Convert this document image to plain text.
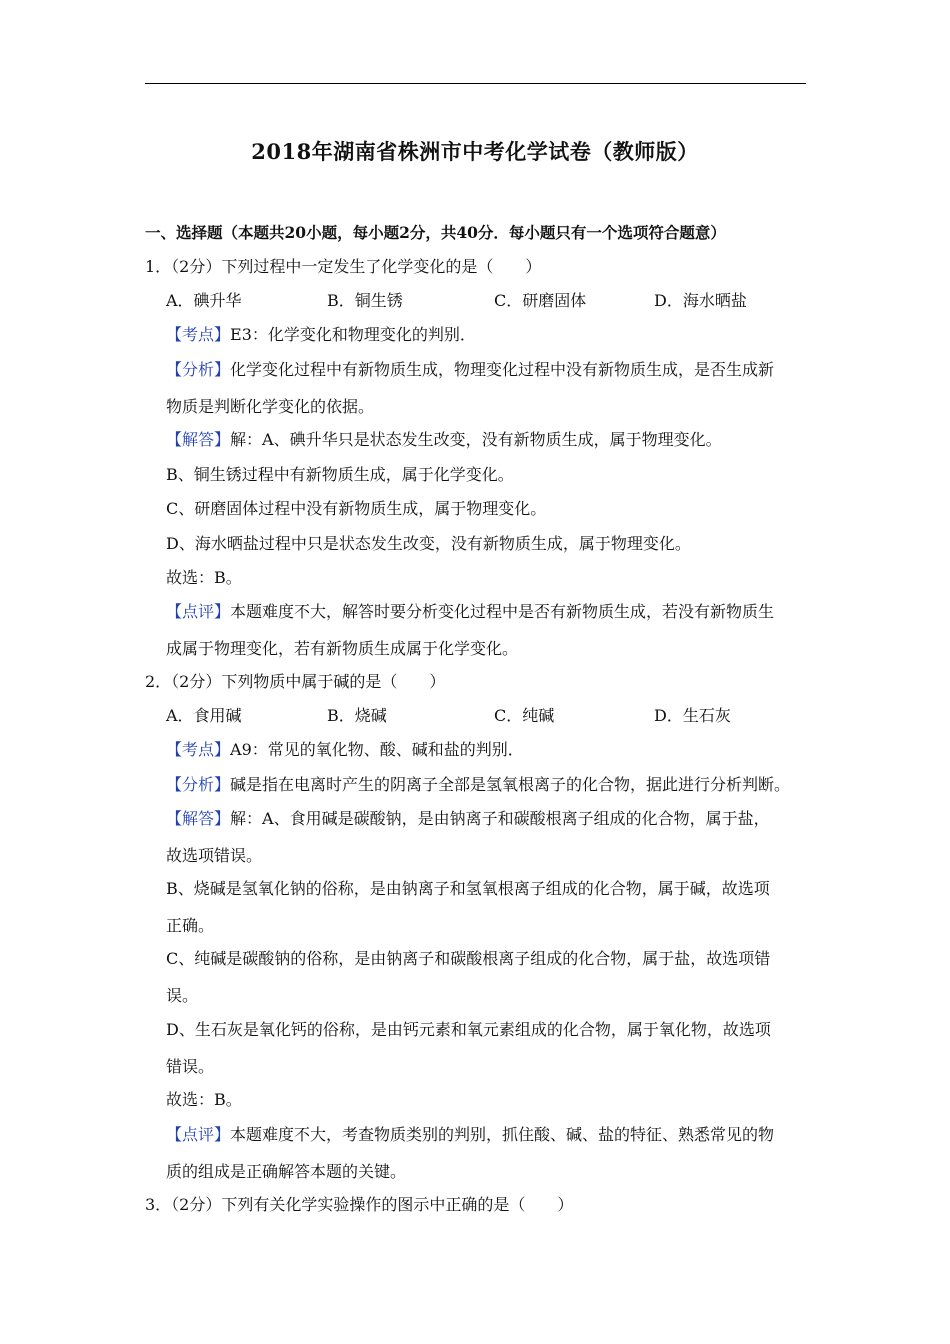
2018年湖南省株洲市中考化学试卷（教师版）
一、选择题（本题共20小题，每小题2分，共40分．每小题只有一个选项符合题意）
1．（2分）下列过程中一定发生了化学变化的是（　　）
A．碘升华	B．铜生锈	C．研磨固体	D．海水晒盐
【考点】E3：化学变化和物理变化的判别．
【分析】化学变化过程中有新物质生成，物理变化过程中没有新物质生成，是否生成新
物质是判断化学变化的依据。
【解答】解：A、碘升华只是状态发生改变，没有新物质生成，属于物理变化。
B、铜生锈过程中有新物质生成，属于化学变化。
C、研磨固体过程中没有新物质生成，属于物理变化。
D、海水晒盐过程中只是状态发生改变，没有新物质生成，属于物理变化。
故选：B。
【点评】本题难度不大，解答时要分析变化过程中是否有新物质生成，若没有新物质生
成属于物理变化，若有新物质生成属于化学变化。
2．（2分）下列物质中属于碱的是（　　）
A．食用碱	B．烧碱	C．纯碱	D．生石灰
【考点】A9：常见的氧化物、酸、碱和盐的判别．
【分析】碱是指在电离时产生的阴离子全部是氢氧根离子的化合物，据此进行分析判断。
【解答】解：A、食用碱是碳酸钠，是由钠离子和碳酸根离子组成的化合物，属于盐，
故选项错误。
B、烧碱是氢氧化钠的俗称，是由钠离子和氢氧根离子组成的化合物，属于碱，故选项
正确。
C、纯碱是碳酸钠的俗称，是由钠离子和碳酸根离子组成的化合物，属于盐，故选项错
误。
D、生石灰是氧化钙的俗称，是由钙元素和氧元素组成的化合物，属于氧化物，故选项
错误。
故选：B。
【点评】本题难度不大，考查物质类别的判别，抓住酸、碱、盐的特征、熟悉常见的物
质的组成是正确解答本题的关键。
3．（2分）下列有关化学实验操作的图示中正确的是（　　）
